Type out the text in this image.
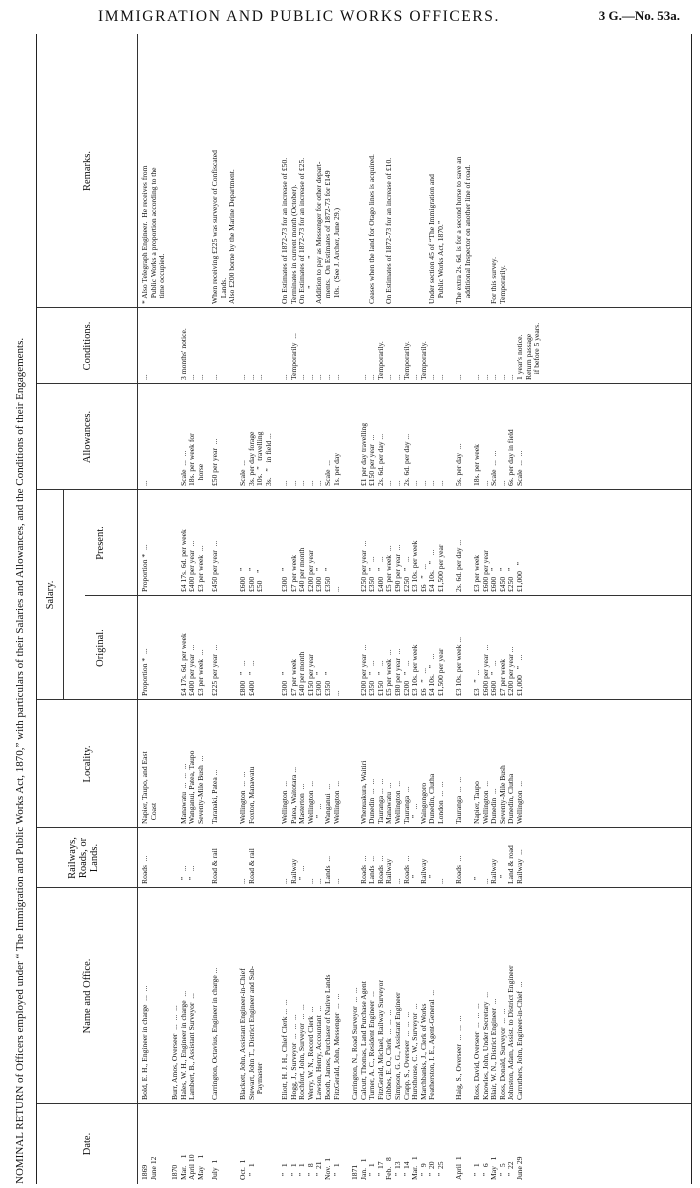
IMMIGRATION AND PUBLIC WORKS OFFICERS.	3 G.—No. 53a.
NOMINAL RETURN of Officers employed under “ The Immigration and Public Works Act, 1870,” with particulars of their Salaries and Allowances, and the Conditions of their Engagements.	Date.
Name and Office.
Railways, Roads, or Lands.
Locality.
Salary.
Original.
Present.
Allowances.
Conditions.
Remarks.
1869
June 12
Bold, E. H., Engineer in charge  ...  ...
Roads  ...
Napier, Taupo, and East
Coast
Proportion *  ...
Proportion *  ...
...
...
* Also Telegraph Engineer.  He receives from
Public Works a proportion according to the
time occupied.
1870
Mar.    1
April 10
May    1
Burr, Amos, Overseer  ...  ...  ...
Hales, W. H., Engineer in charge  ...
Lambert, B., Assistant Surveyor  ...

”   ...
”   ...

Manawatu  ...  ...  ...
Wanganui, Patea, Taupo
Seventy-Mile Bush  ...

£4 17s. 6d. per week
£400 per year  ...
£3 per week  ...

£4 17s. 6d. per week
£400 per year  ...
£3 per week  ...

Scale  ...  ...
18s. per week for
horse

3 months' notice.
...
...
July  1
Carrington, Octavius, Engineer in charge ...
Road & rail
Taranaki, Patea ...
£225 per year  ...
£450 per year  ...
£50 per year  ...
...
When receiving £225 was surveyor of Confiscated
Lands.
Also £200 borne by the Marine Department.
Oct.  1
”   1
Blackett, John, Assistant Engineer-in-Chief
Stewart, John T., District Engineer and Sub-
Paymaster
...
Road & rail
Wellington  ...  ...
Foxton, Manawatu
£800   ”   ...
£400   ”   ...
£600   ”
£500   ”
£50    ”
Scale  ...
3s. per day forage
10s.  ”   travelling
3s.   ”   in field ...
...
...
...
”   1
”   1
”   1
”   8
”  21
Nov.  1
”   1
Eliott, H. J. H., Chief Clerk ...  ...
Hogg, J., Surveyor  ...  ...  ...
Rochfort, John, Surveyor  ...  ...
Werry, W. N., Record Clerk  ...
Lawson, Henry, Accountant  ...
Booth, James, Purchaser of Native Lands
FitzGerald, John, Messenger  ...  ...
...
Railway
”   ...
...
...
Lands  ...
...
Wellington  ...
Patea, Waitotara ...
Masterton  ...
Wellington  ...
”   ...
Wanganui  ...
Wellington  ...
£300   ”
£7 per week
£40 per month
£150 per year
£300   ”
£350   ”
...
£300   ”
£7 per week
£40 per month
£200 per year
£300   ”
£350   ”
...
...
...
...
...
...
Scale  ...
1s. per day
...
Temporarily  ...
...
...
...
...
...
On Estimates of 1872-73 for an increase of £50.
Terminates in current month (October).
On Estimates of 1872-73 for an increase of £25.
”              ”
Addition to pay as Messenger for other depart-
ments.  On Estimates of 1872-73 for £149
10s.  (See J. Archer, June 29.)
1871
Jan.   1
”   1
”  17
Feb.   8
”  13
”  14
Mar.   1
”   9
”  20
”  25
Carrington, N., Road Surveyor  ...  ...
Calcutt, Thomas, Land Purchase Agent
Turner, A. C., Resident Engineer  ...
FitzGerald, Michael, Railway Surveyor
Gibbes, E. O., Clerk  ...  ...  ...
Simpson, G. G., Assistant Engineer
Crapp, S., Overseer  ...  ...  ...
Hursthouse, C. W., Surveyor  ...
Marchbanks, J., Clerk of Works
Featherston, I. E., Agent-General  ...

Roads  ...
Lands  ...
Roads  ...
Railway
...
Roads  ...
”
Railway
”
...

Whenuakura, Waitiri
Dunedin  ...  ...
Tauranga ...  ...
Manawatu  ...
Wellington  ...
Tauranga  ...
”   ...
Waingongoro
Dunedin, Clutha
London  ...  ...

£200 per year  ...
£350   ”   ...
£150   ”   ...
£5 per week  ...
£80 per year  ...
£200   ”   ...
£3 10s. per week
£6   ”   ...
£4 10s.   ”   ...
£1,500 per year

£250 per year  ...
£350   ”   ...
£400   ”   ...
£5 per week  ...
£90 per year  ...
£250   ”   ...
£3 10s. per week
£6   ”   ...
£4 10s.   ”   ...
£1,500 per year

£1 per day travelling
£150 per year  ...
2s. 6d. per day ...
...
...
2s. 6d. per day ...
...
...
...
...

...
...
Temporarily.
...
...
Temporarily.
...
Temporarily.
...
...

Ceases when the land for Otago lines is acquired.

On Estimates of 1872-73 for an increase of £10.

Under section 45 of “The Immigration and
Public Works Act, 1870.”
April  1
Haig, S., Overseer  ...  ...  ...
Roads  ...
Tauranga  ...  ...
£3 10s. per week ...
2s. 6d. per day ...
5s. per day  ...
...
The extra 2s. 6d. is for a second horse to save an
additional Inspector on another line of road.
”   1
”   6
May   1
”   5
”  22
June 29
Ross, David, Overseer  ...  ...  ...
Knowles, John, Under Secretary  ...
Blair, W. N., District Engineer  ...
Ross, Donald, Surveyor  ...  ...
Johnston, Adam, Assist. to District Engineer
Carruthers, John, Engineer-in-Chief  ...
”
...
Railway
”
Land & road
Railway  ...
Napier, Taupo
Wellington  ...
Dunedin  ...
Seventy-Mile Bush
Dunedin, Clutha
Wellington  ...
£3   ”  ...
£600 per year  ...
£600   ”   ...
£7 per week
£200 per year ...
£1,000   ”   ...
£3 per week
£600 per year
£600   ”
£450   ”
£250   ”
£1,000   ”
18s. per week
...
Scale  ...  ...
...
6s. per day in field
Scale  ...  ...
...
...
...
...
...
1 year's notice.
Return passage
if before 5 years.

For this survey.
Temporarily.
